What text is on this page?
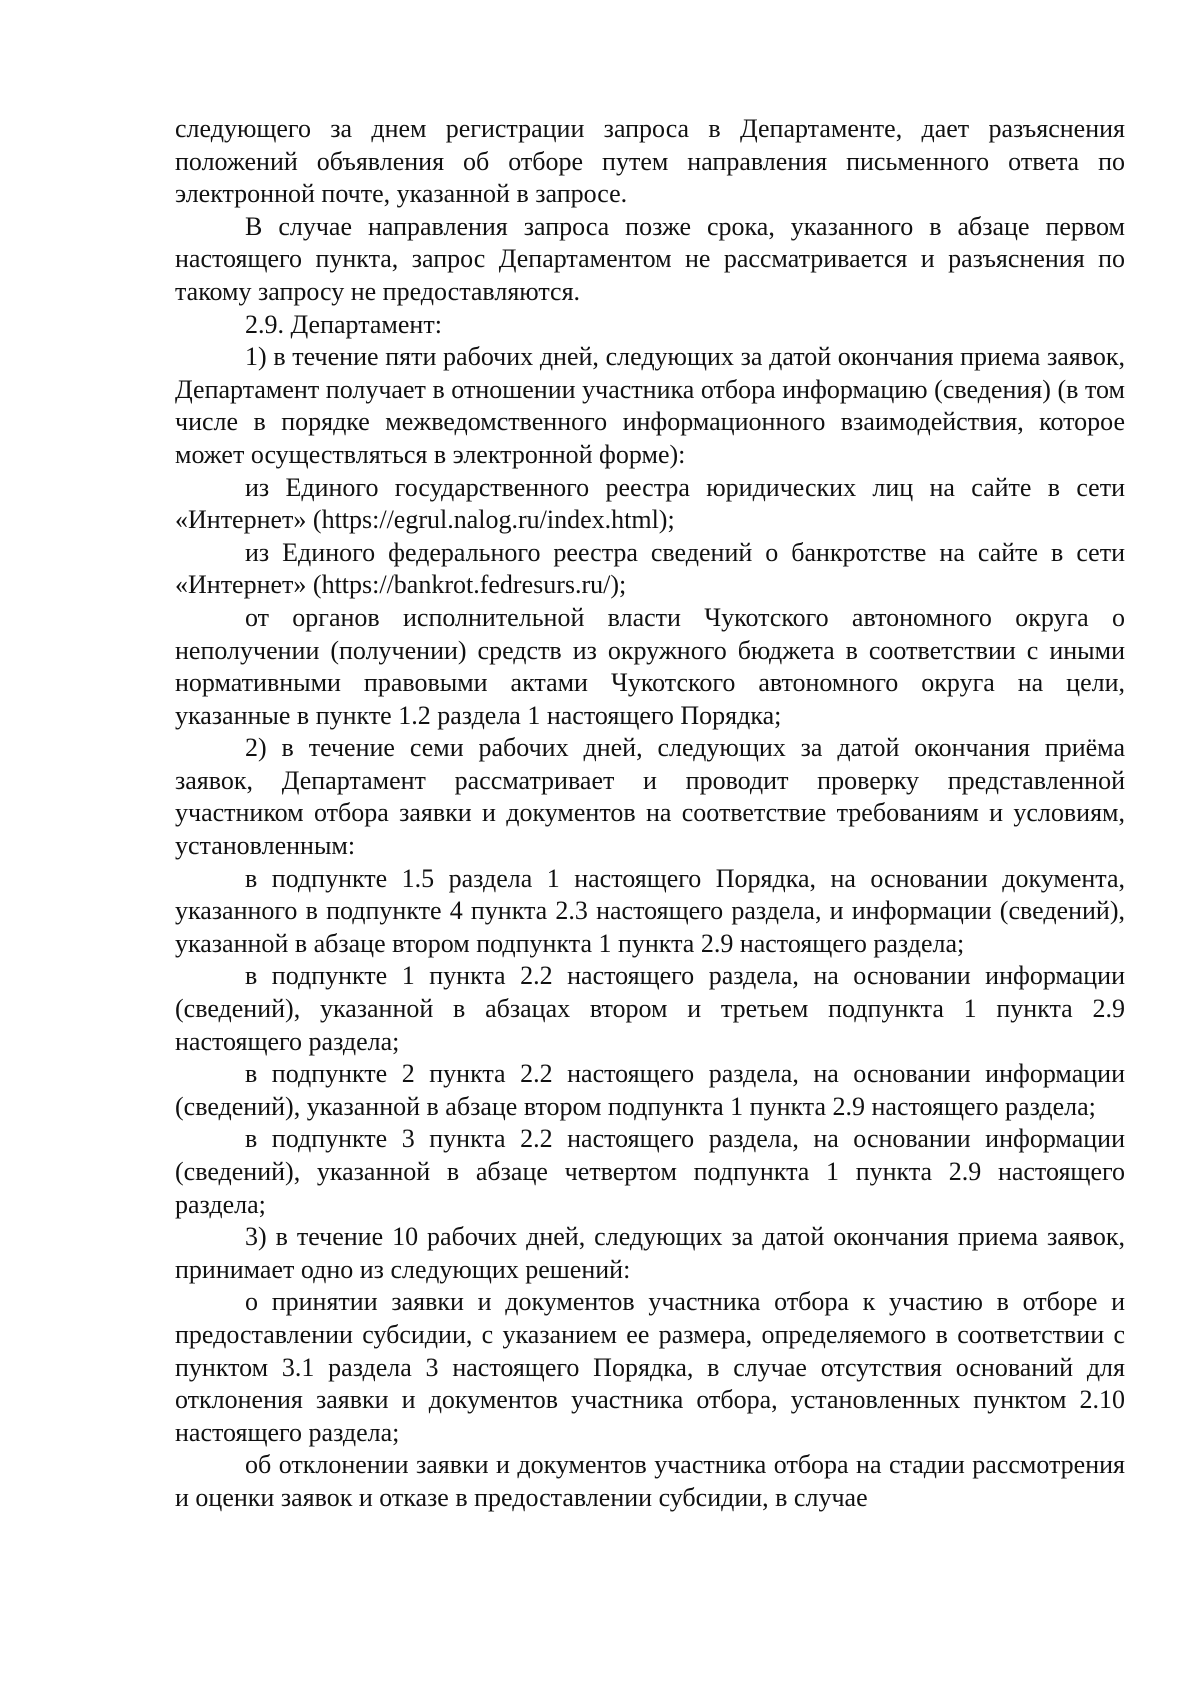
следующего за днем регистрации запроса в Департаменте, дает разъяснения положений объявления об отборе путем направления письменного ответа по электронной почте, указанной в запросе.

В случае направления запроса позже срока, указанного в абзаце первом настоящего пункта, запрос Департаментом не рассматривается и разъяснения по такому запросу не предоставляются.

2.9. Департамент:

1) в течение пяти рабочих дней, следующих за датой окончания приема заявок, Департамент получает в отношении участника отбора информацию (сведения) (в том числе в порядке межведомственного информационного взаимодействия, которое может осуществляться в электронной форме):

из Единого государственного реестра юридических лиц на сайте в сети «Интернет» (https://egrul.nalog.ru/index.html);

из Единого федерального реестра сведений о банкротстве на сайте в сети «Интернет» (https://bankrot.fedresurs.ru/);

от органов исполнительной власти Чукотского автономного округа о неполучении (получении) средств из окружного бюджета в соответствии с иными нормативными правовыми актами Чукотского автономного округа на цели, указанные в пункте 1.2 раздела 1 настоящего Порядка;

2) в течение семи рабочих дней, следующих за датой окончания приёма заявок, Департамент рассматривает и проводит проверку представленной участником отбора заявки и документов на соответствие требованиям и условиям, установленным:

в подпункте 1.5 раздела 1 настоящего Порядка, на основании документа, указанного в подпункте 4 пункта 2.3 настоящего раздела, и информации (сведений), указанной в абзаце втором подпункта 1 пункта 2.9 настоящего раздела;

в подпункте 1 пункта 2.2 настоящего раздела, на основании информации (сведений), указанной в абзацах втором и третьем подпункта 1 пункта 2.9 настоящего раздела;

в подпункте 2 пункта 2.2 настоящего раздела, на основании информации (сведений), указанной в абзаце втором подпункта 1 пункта 2.9 настоящего раздела;

в подпункте 3 пункта 2.2 настоящего раздела, на основании информации (сведений), указанной в абзаце четвертом подпункта 1 пункта 2.9 настоящего раздела;

3) в течение 10 рабочих дней, следующих за датой окончания приема заявок, принимает одно из следующих решений:

о принятии заявки и документов участника отбора к участию в отборе и предоставлении субсидии, с указанием ее размера, определяемого в соответствии с пунктом 3.1 раздела 3 настоящего Порядка, в случае отсутствия оснований для отклонения заявки и документов участника отбора, установленных пунктом 2.10 настоящего раздела;

об отклонении заявки и документов участника отбора на стадии рассмотрения и оценки заявок и отказе в предоставлении субсидии, в случае
